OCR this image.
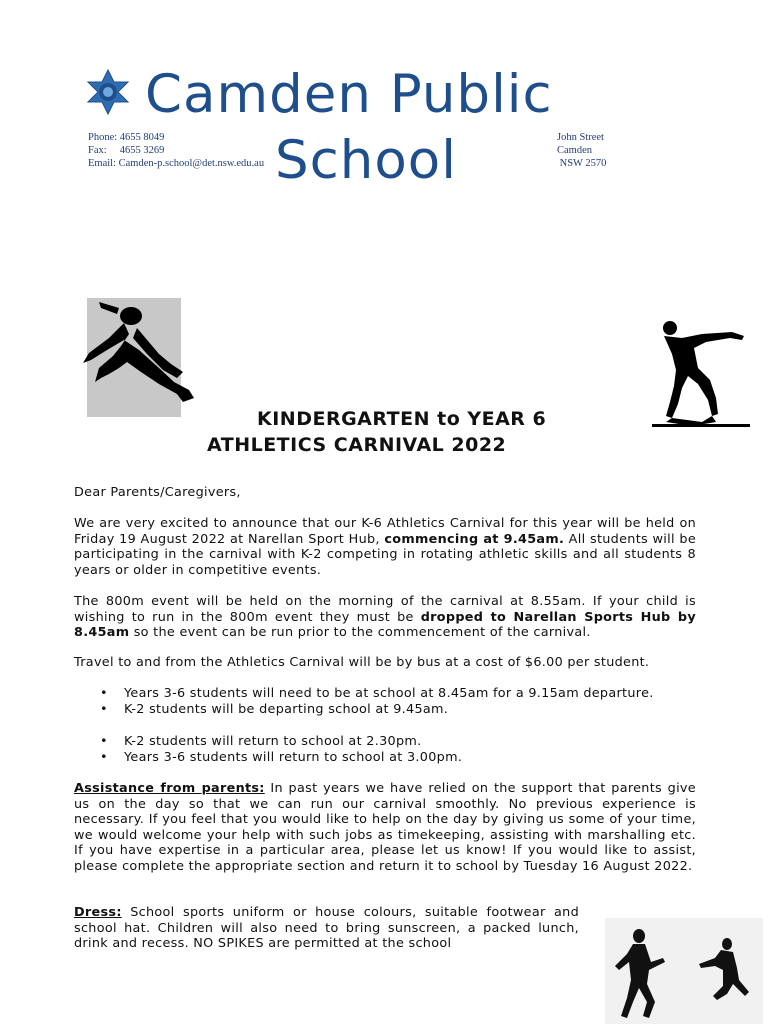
Camden Public
School
Phone: 4655 8049
Fax:     4655 3269
Email: Camden-p.school@det.nsw.edu.au
John Street
Camden
NSW 2570
KINDERGARTEN to YEAR 6
ATHLETICS CARNIVAL 2022

Dear Parents/Caregivers,

We are very excited to announce that our K-6 Athletics Carnival for this year will be held on Friday 19 August 2022 at Narellan Sport Hub, commencing at 9.45am. All students will be participating in the carnival with K-2 competing in rotating athletic skills and all students 8 years or older in competitive events.

The 800m event will be held on the morning of the carnival at 8.55am. If your child is wishing to run in the 800m event they must be dropped to Narellan Sports Hub by 8.45am so the event can be run prior to the commencement of the carnival.

Travel to and from the Athletics Carnival will be by bus at a cost of $6.00 per student.

• Years 3-6 students will need to be at school at 8.45am for a 9.15am departure.
• K-2 students will be departing school at 9.45am.
• K-2 students will return to school at 2.30pm.
• Years 3-6 students will return to school at 3.00pm.

Assistance from parents: In past years we have relied on the support that parents give us on the day so that we can run our carnival smoothly. No previous experience is necessary. If you feel that you would like to help on the day by giving us some of your time, we would welcome your help with such jobs as timekeeping, assisting with marshalling etc. If you have expertise in a particular area, please let us know! If you would like to assist, please complete the appropriate section and return it to school by Tuesday 16 August 2022.

Dress: School sports uniform or house colours, suitable footwear and school hat. Children will also need to bring sunscreen, a packed lunch, drink and recess. NO SPIKES are permitted at the school
